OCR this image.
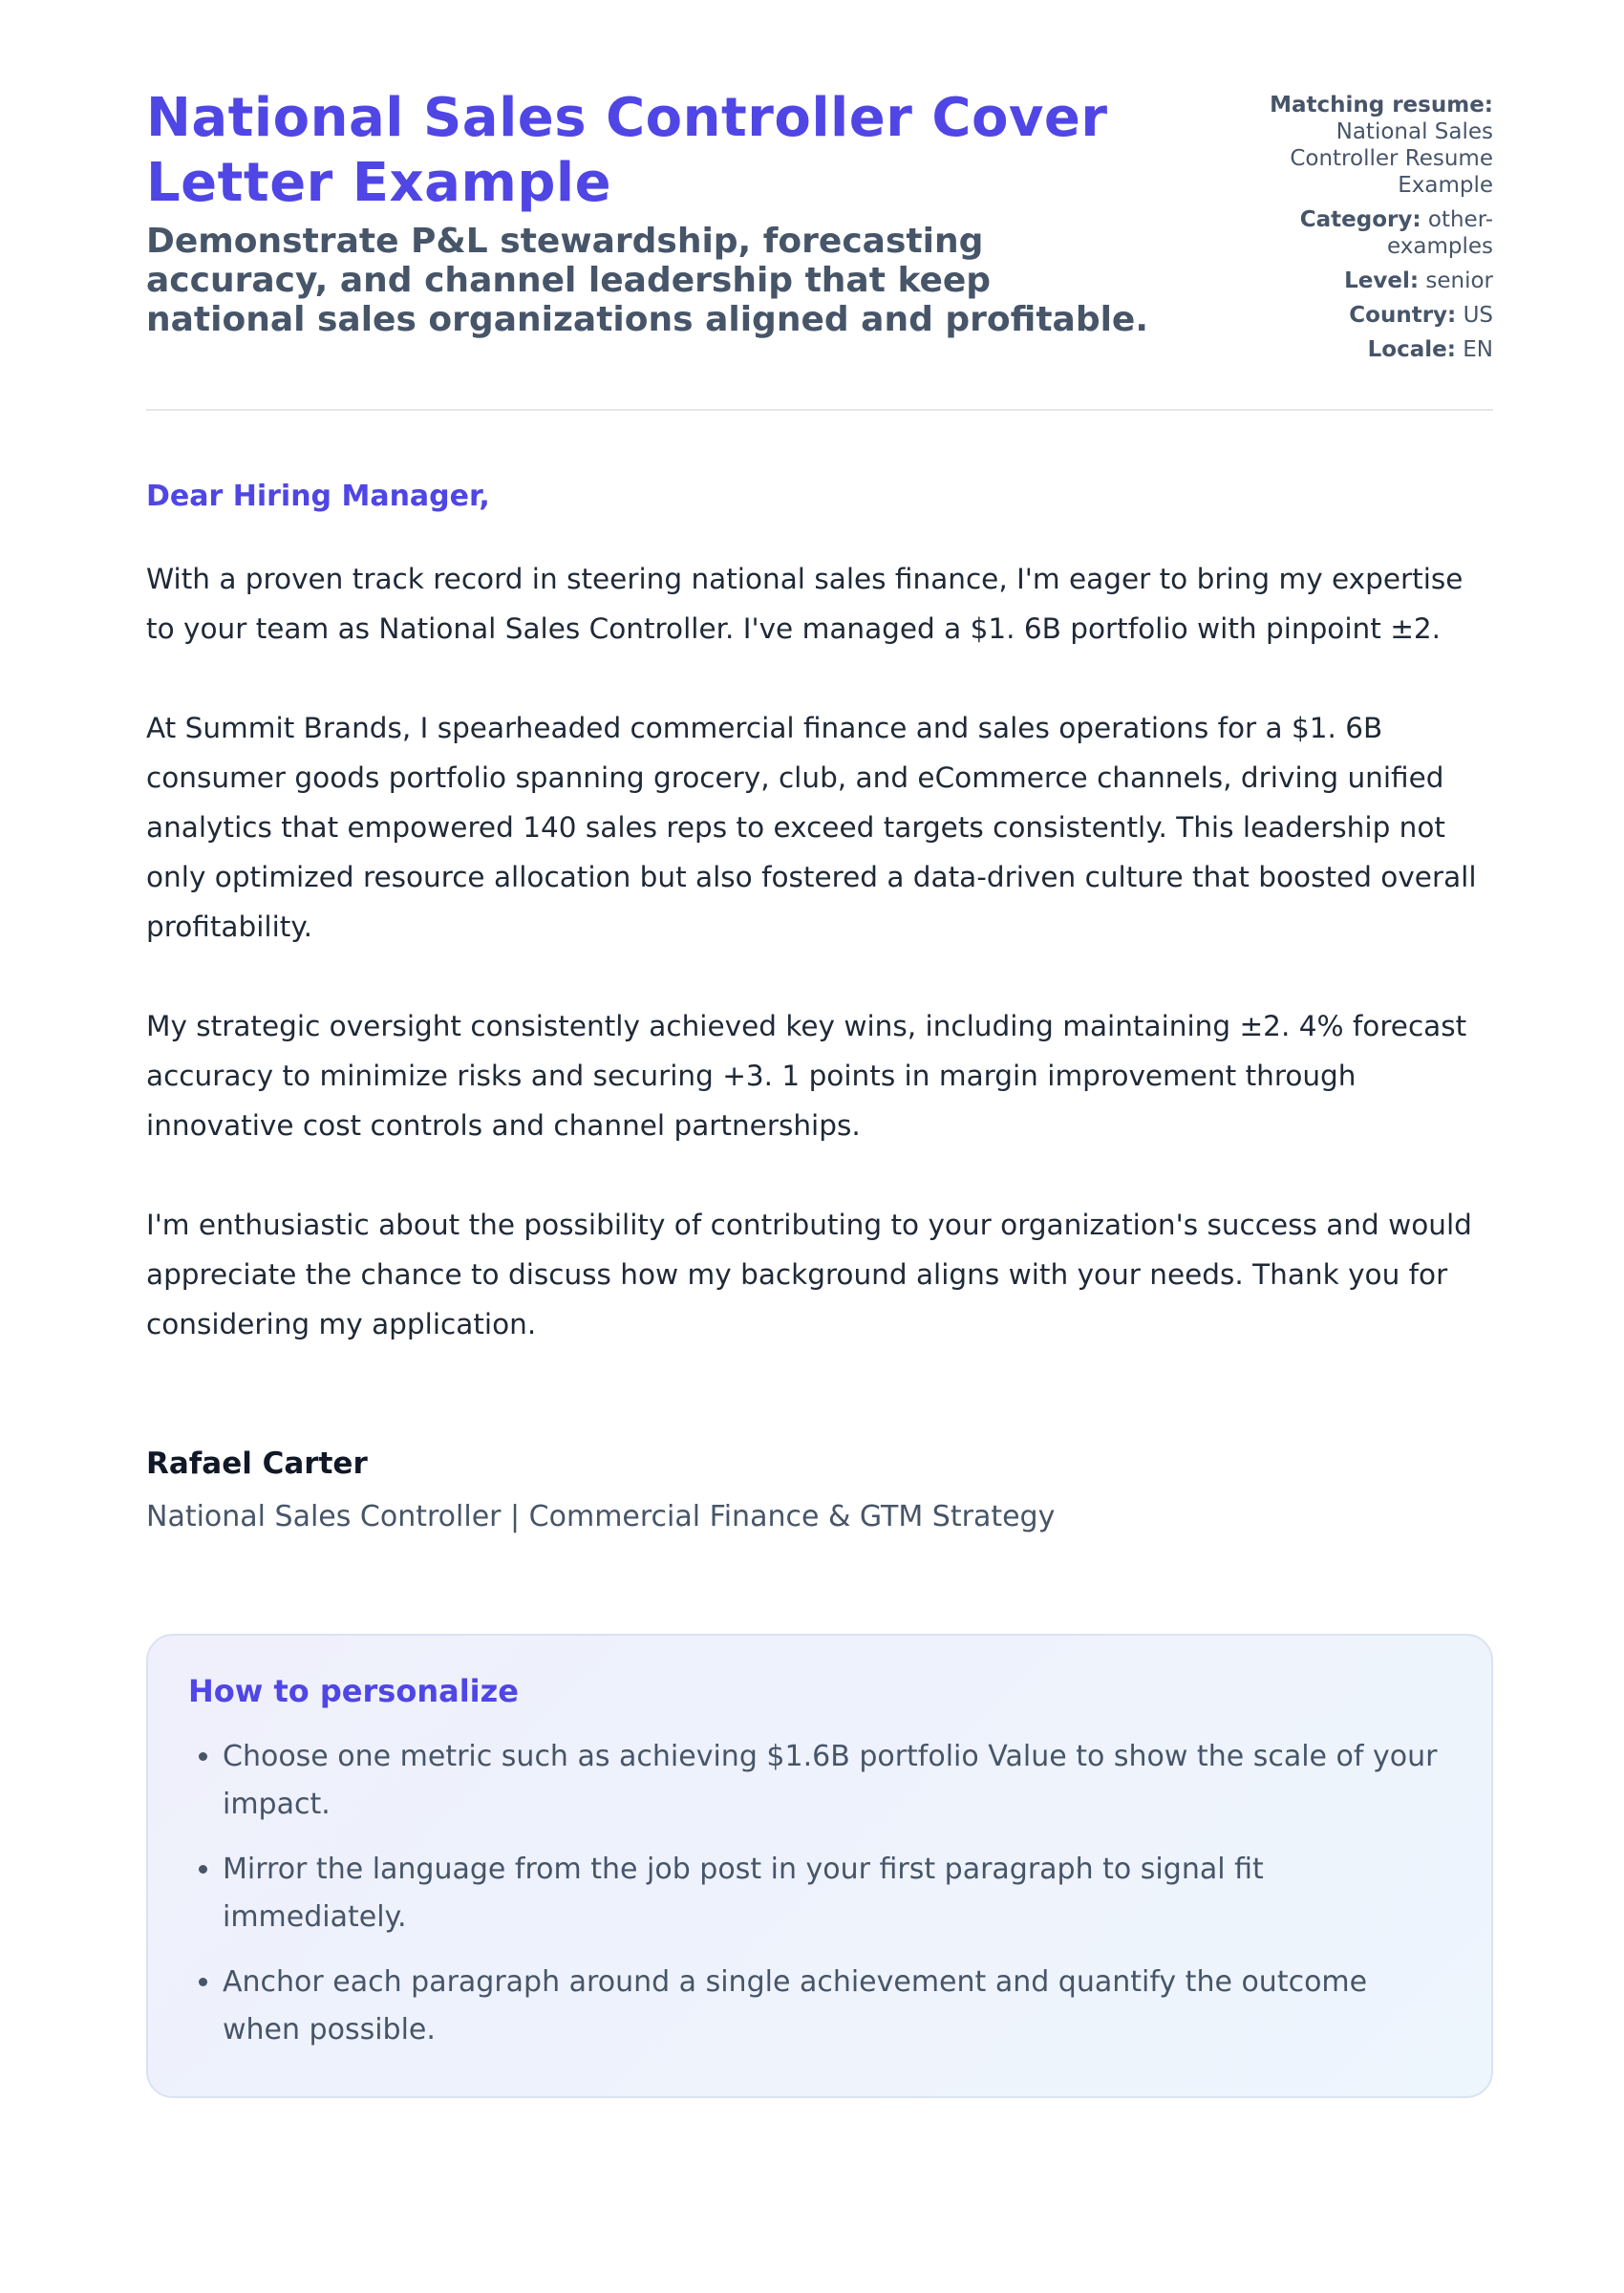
National Sales Controller Cover Letter Example
Demonstrate P&L stewardship, forecasting accuracy, and channel leadership that keep national sales organizations aligned and profitable.
Matching resume:
National Sales Controller Resume Example
Category: other-examples
Level: senior
Country: US
Locale: EN

Dear Hiring Manager,

With a proven track record in steering national sales finance, I'm eager to bring my expertise to your team as National Sales Controller. I've managed a $1. 6B portfolio with pinpoint ±2.

At Summit Brands, I spearheaded commercial finance and sales operations for a $1. 6B consumer goods portfolio spanning grocery, club, and eCommerce channels, driving unified analytics that empowered 140 sales reps to exceed targets consistently. This leadership not only optimized resource allocation but also fostered a data-driven culture that boosted overall profitability.

My strategic oversight consistently achieved key wins, including maintaining ±2. 4% forecast accuracy to minimize risks and securing +3. 1 points in margin improvement through innovative cost controls and channel partnerships.

I'm enthusiastic about the possibility of contributing to your organization's success and would appreciate the chance to discuss how my background aligns with your needs. Thank you for considering my application.

Rafael Carter

National Sales Controller | Commercial Finance & GTM Strategy

How to personalize
• Choose one metric such as achieving $1.6B portfolio Value to show the scale of your impact.
• Mirror the language from the job post in your first paragraph to signal fit immediately.
• Anchor each paragraph around a single achievement and quantify the outcome when possible.
